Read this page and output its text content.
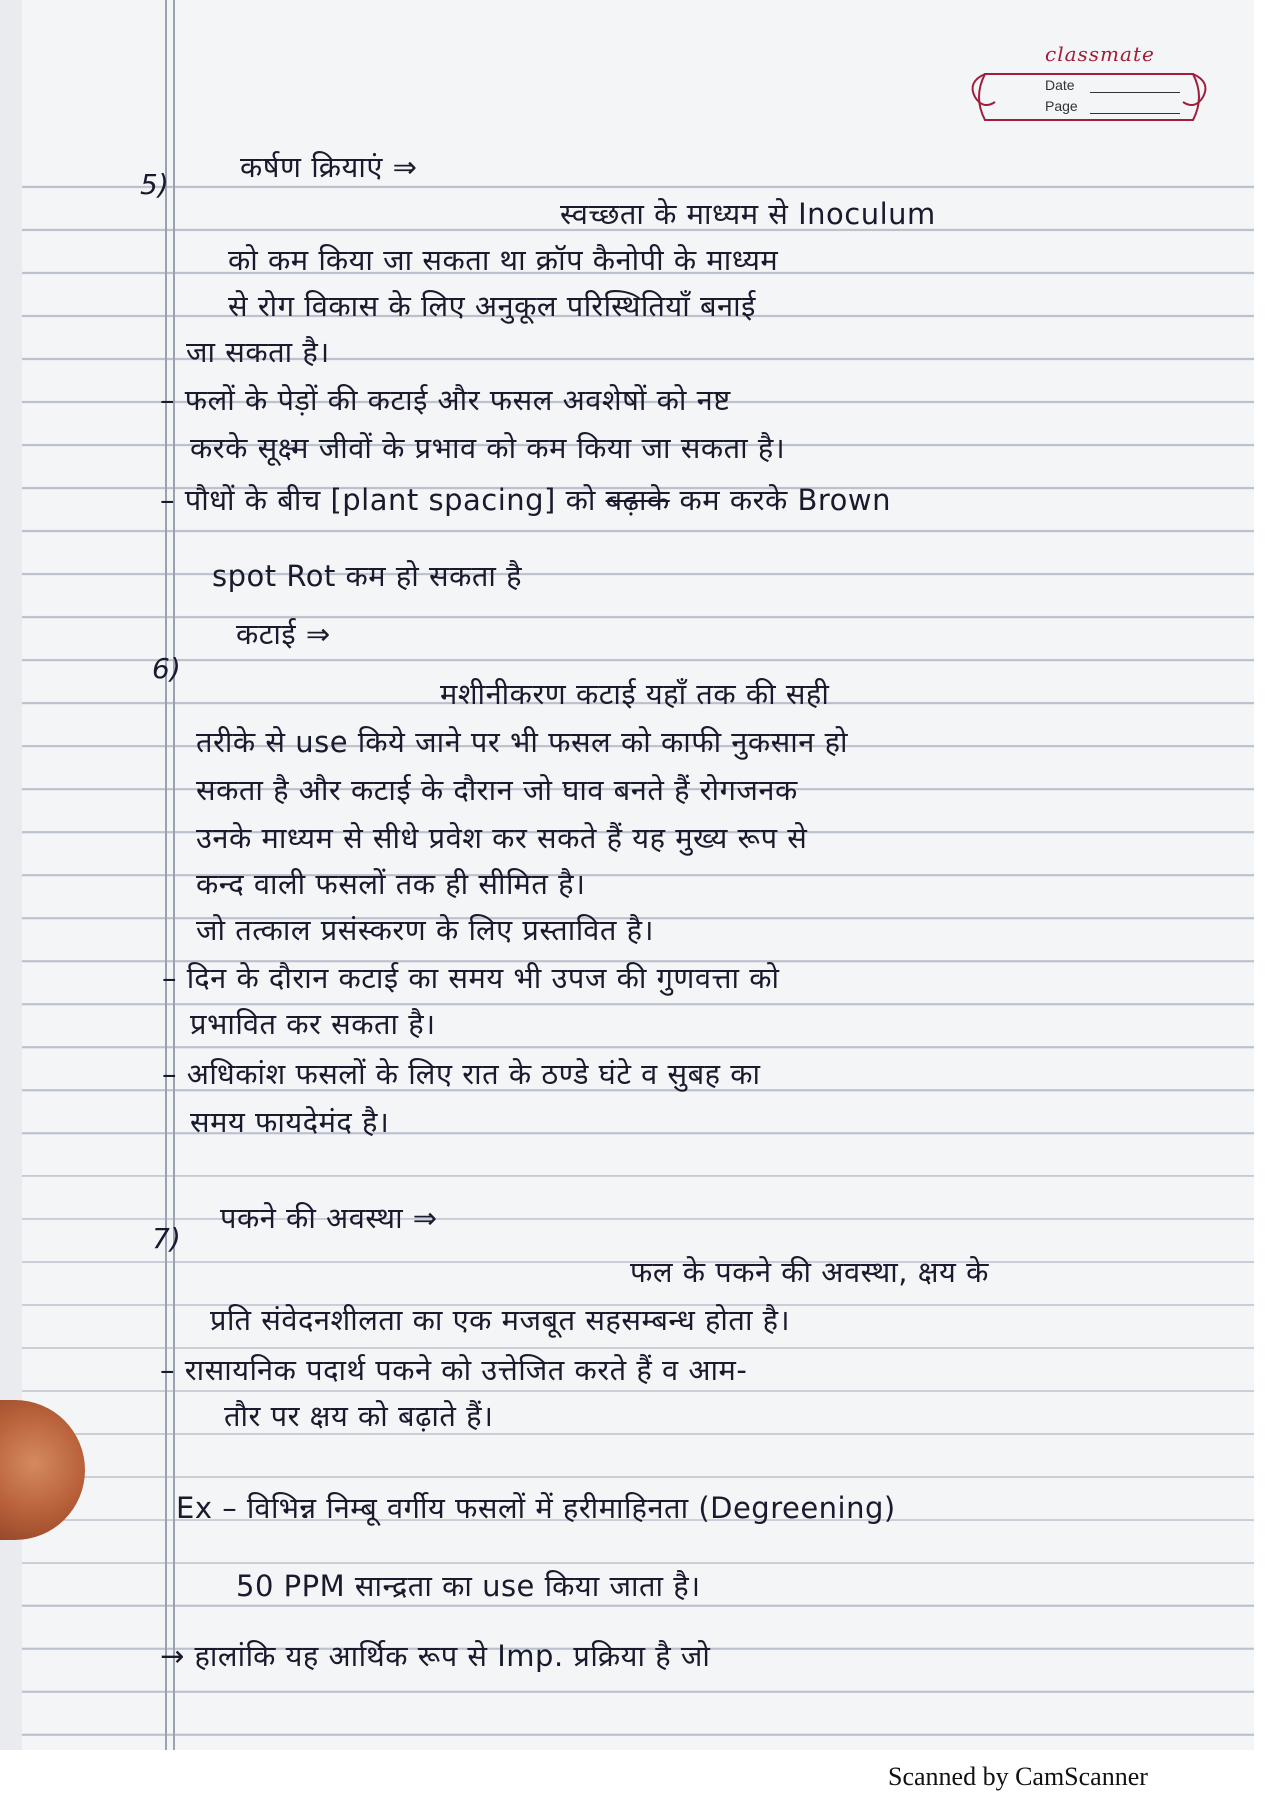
classmate
Date
Page
5)
कर्षण क्रियाएं ⇒
स्वच्छता के माध्यम से Inoculum
को कम किया जा सकता था क्रॉप कैनोपी के माध्यम
से रोग विकास के लिए अनुकूल परिस्थितियाँ बनाई
जा सकता है।
– फलों के पेड़ों की कटाई और फसल अवशेषों को नष्ट
करके सूक्ष्म जीवों के प्रभाव को कम किया जा सकता है।
– पौधों के बीच [plant spacing] को बढ़ाके कम करके Brown
spot Rot कम हो सकता है
6)
कटाई ⇒
मशीनीकरण कटाई यहाँ तक की सही
तरीके से use किये जाने पर भी फसल को काफी नुकसान हो
सकता है और कटाई के दौरान जो घाव बनते हैं रोगजनक
उनके माध्यम से सीधे प्रवेश कर सकते हैं यह मुख्य रूप से
कन्द वाली फसलों तक ही सीमित है।
जो तत्काल प्रसंस्करण के लिए प्रस्तावित है।
– दिन के दौरान कटाई का समय भी उपज की गुणवत्ता को
प्रभावित कर सकता है।
– अधिकांश फसलों के लिए रात के ठण्डे घंटे व सुबह का
समय फायदेमंद है।
7)
पकने की अवस्था ⇒
फल के पकने की अवस्था, क्षय के
प्रति संवेदनशीलता का एक मजबूत सहसम्बन्ध होता है।
– रासायनिक पदार्थ पकने को उत्तेजित करते हैं व आम-
तौर पर क्षय को बढ़ाते हैं।
Ex – विभिन्न निम्बू वर्गीय फसलों में हरीमाहिनता (Degreening)
50 PPM सान्द्रता का use किया जाता है।
→ हालांकि यह आर्थिक रूप से Imp. प्रक्रिया है जो
Scanned by CamScanner
